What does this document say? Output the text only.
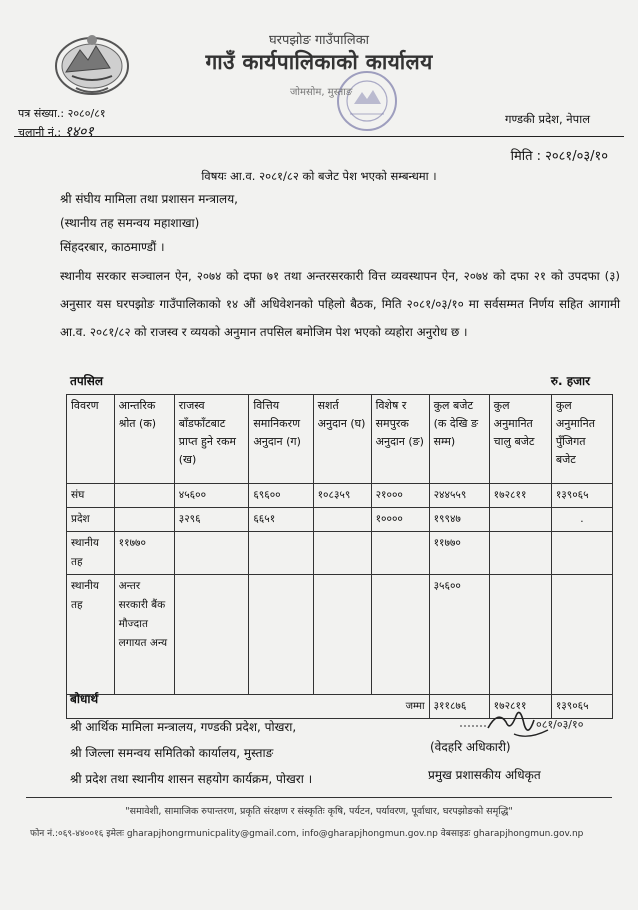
घरपझोङ गाउँपालिका
गाउँ कार्यपालिकाको कार्यालय
जोमसोम, मुस्ताङ
पत्र संख्या.: २०८०/८१
चलानी नं.: १४०१
गण्डकी प्रदेश, नेपाल
मिति : २०८१/०३/१०
विषयः आ.व. २०८१/८२ को बजेट पेश भएको सम्बन्धमा ।
श्री संघीय मामिला तथा प्रशासन मन्त्रालय,
(स्थानीय तह समन्वय महाशाखा)
सिंहदरबार, काठमाण्डौं ।
स्थानीय सरकार सञ्चालन ऐन, २०७४ को दफा ७१ तथा अन्तरसरकारी वित्त व्यवस्थापन ऐन, २०७४ को दफा २१ को उपदफा (३) अनुसार यस घरपझोङ गाउँपालिकाको १४ औं अधिवेशनको पहिलो बैठक, मिति २०८१/०३/१० मा सर्वसम्मत निर्णय सहित आगामी आ.व. २०८१/८२ को राजस्व र व्ययको अनुमान तपसिल बमोजिम पेश भएको व्यहोरा अनुरोध छ ।
तपसिल	रु. हजार
विवरण	आन्तरिक श्रोत (क)	राजस्व बाँडफाँटबाट प्राप्त हुने रकम (ख)	वित्तिय समानिकरण अनुदान (ग)	सशर्त अनुदान (घ)	विशेष र समपुरक अनुदान (ङ)	कुल बजेट (क देखि ङ सम्म)	कुल अनुमानित चालु बजेट	कुल अनुमानित पुँजिगत बजेट
संघ		४५६००	६९६००	१०८३५९	२१०००	२४४५५९	१७२८११	१३९०६५
प्रदेश		३२९६	६६५१		१००००	१९९४७		.
स्थानीय तह	११७७०					११७७०		
स्थानीय तह	अन्तर सरकारी बैंक मौज्दात लगायत अन्य					३५६००		
जम्मा						३११८७६	१७२८११	१३९०६५
बोधार्थ
श्री आर्थिक मामिला मन्त्रालय, गण्डकी प्रदेश, पोखरा,
श्री जिल्ला समन्वय समितिको कार्यालय, मुस्ताङ
श्री प्रदेश तथा स्थानीय शासन सहयोग कार्यक्रम, पोखरा ।
०८१/०३/१०
(वेदहरि अधिकारी)
प्रमुख प्रशासकीय अधिकृत
"समावेशी, सामाजिक रुपान्तरण, प्रकृति संरक्षण र संस्कृतिः कृषि, पर्यटन, पर्यावरण, पूर्वाधार, घरपझोङको समृद्धि"
फोन नं.:०६९-४४००१६ इमेलः gharapjhongrmunicpality@gmail.com, info@gharapjhongmun.gov.np वेबसाइडः gharapjhongmun.gov.np
